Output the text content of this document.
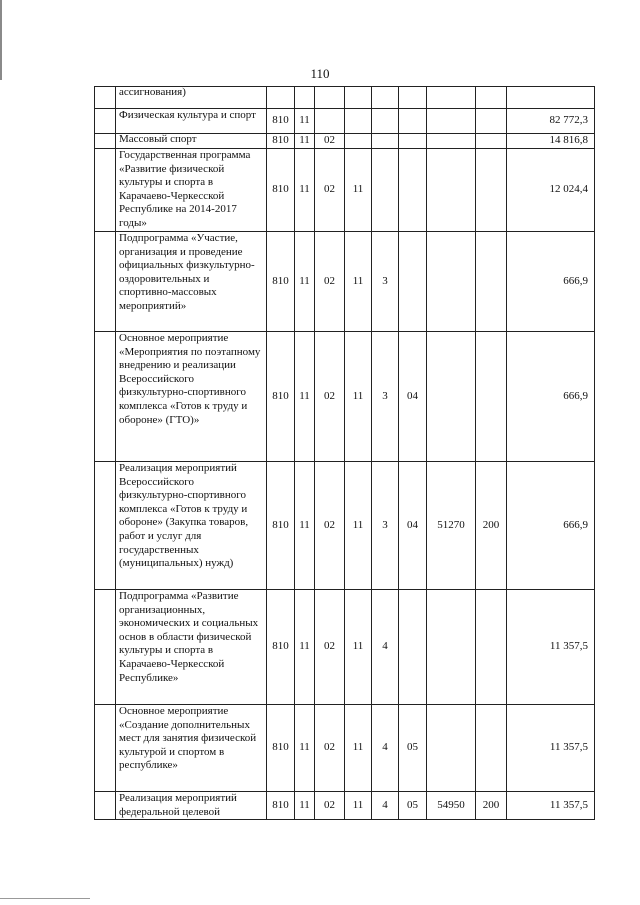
110
	ассигнования)									
	Физическая культура и спорт	810	11							82 772,3
	Массовый спорт	810	11	02						14 816,8
	Государственная программа «Развитие физической культуры и спорта в Карачаево-Черкесской Республике на 2014-2017 годы»	810	11	02	11					12 024,4
	Подпрограмма «Участие, организация и проведение официальных физкультурно-оздоровительных и спортивно-массовых мероприятий»	810	11	02	11	3				666,9
	Основное мероприятие «Мероприятия по поэтапному внедрению и реализации Всероссийского физкультурно-спортивного комплекса «Готов к труду и обороне» (ГТО)»	810	11	02	11	3	04			666,9
	Реализация мероприятий Всероссийского физкультурно-спортивного комплекса «Готов к труду и обороне» (Закупка товаров, работ и услуг для государственных (муниципальных) нужд)	810	11	02	11	3	04	51270	200	666,9
	Подпрограмма «Развитие организационных, экономических и социальных основ в области физической культуры и спорта в Карачаево-Черкесской Республике»	810	11	02	11	4				11 357,5
	Основное мероприятие «Создание дополнительных мест для занятия физической культурой и спортом в республике»	810	11	02	11	4	05			11 357,5
	Реализация мероприятий федеральной целевой	810	11	02	11	4	05	54950	200	11 357,5
